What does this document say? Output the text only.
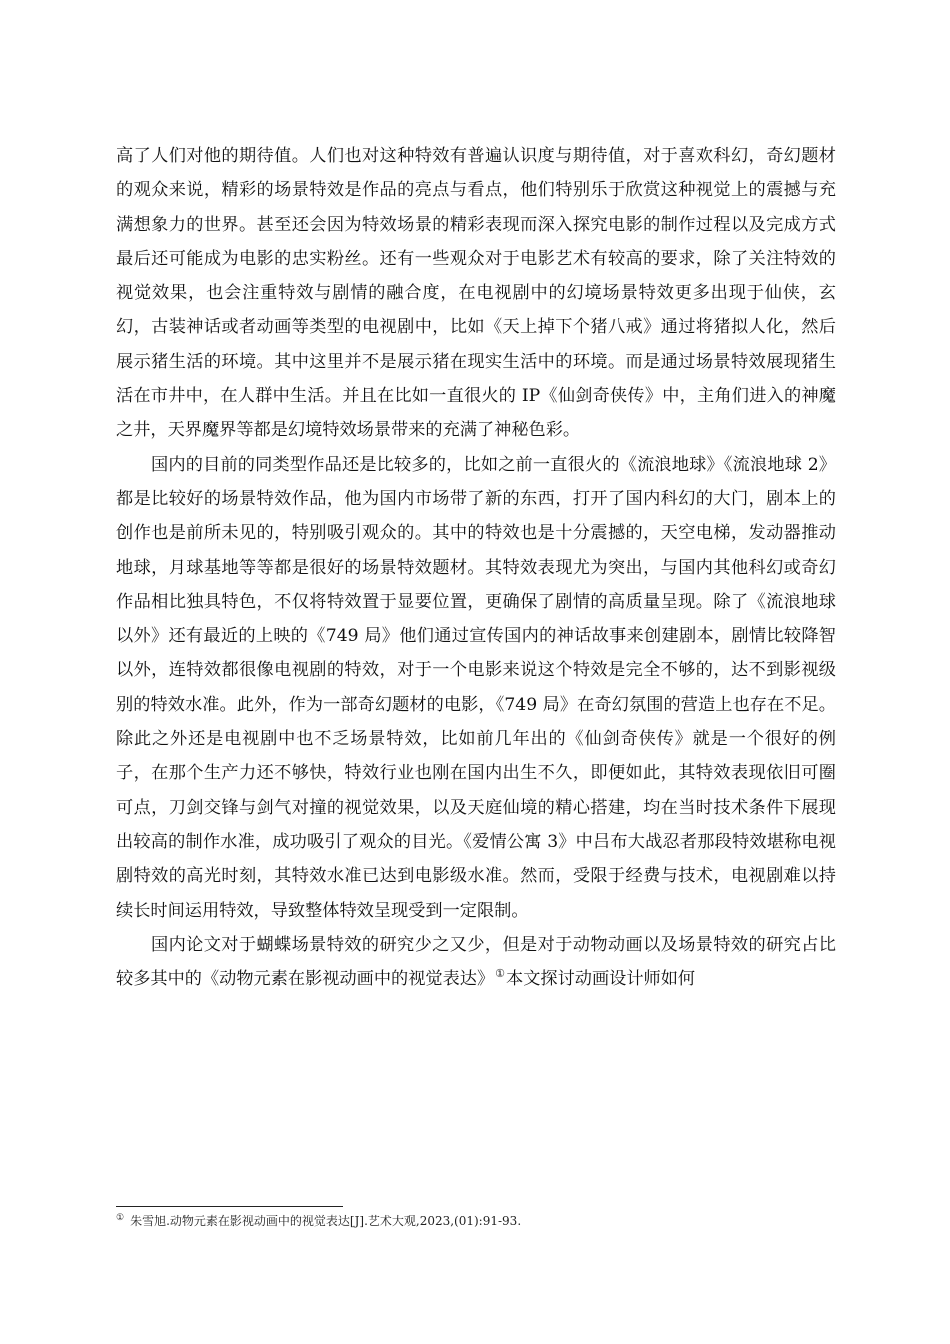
高了人们对他的期待值。人们也对这种特效有普遍认识度与期待值，对于喜欢科幻，奇幻题材的观众来说，精彩的场景特效是作品的亮点与看点，他们特别乐于欣赏这种视觉上的震撼与充满想象力的世界。甚至还会因为特效场景的精彩表现而深入探究电影的制作过程以及完成方式最后还可能成为电影的忠实粉丝。还有一些观众对于电影艺术有较高的要求，除了关注特效的视觉效果，也会注重特效与剧情的融合度，在电视剧中的幻境场景特效更多出现于仙侠，玄幻，古装神话或者动画等类型的电视剧中，比如《天上掉下个猪八戒》通过将猪拟人化，然后展示猪生活的环境。其中这里并不是展示猪在现实生活中的环境。而是通过场景特效展现猪生活在市井中，在人群中生活。并且在比如一直很火的 IP《仙剑奇侠传》中，主角们进入的神魔之井，天界魔界等都是幻境特效场景带来的充满了神秘色彩。

国内的目前的同类型作品还是比较多的，比如之前一直很火的《流浪地球》《流浪地球 2》都是比较好的场景特效作品，他为国内市场带了新的东西，打开了国内科幻的大门，剧本上的创作也是前所未见的，特别吸引观众的。其中的特效也是十分震撼的，天空电梯，发动器推动地球，月球基地等等都是很好的场景特效题材。其特效表现尤为突出，与国内其他科幻或奇幻作品相比独具特色，不仅将特效置于显要位置，更确保了剧情的高质量呈现。除了《流浪地球以外》还有最近的上映的《749 局》他们通过宣传国内的神话故事来创建剧本，剧情比较降智以外，连特效都很像电视剧的特效，对于一个电影来说这个特效是完全不够的，达不到影视级别的特效水准。此外，作为一部奇幻题材的电影，《749 局》在奇幻氛围的营造上也存在不足。除此之外还是电视剧中也不乏场景特效，比如前几年出的《仙剑奇侠传》就是一个很好的例子，在那个生产力还不够快，特效行业也刚在国内出生不久，即便如此，其特效表现依旧可圈可点，刀剑交锋与剑气对撞的视觉效果，以及天庭仙境的精心搭建，均在当时技术条件下展现出较高的制作水准，成功吸引了观众的目光。《爱情公寓 3》中吕布大战忍者那段特效堪称电视剧特效的高光时刻，其特效水准已达到电影级水准。然而，受限于经费与技术，电视剧难以持续长时间运用特效，导致整体特效呈现受到一定限制。

国内论文对于蝴蝶场景特效的研究少之又少，但是对于动物动画以及场景特效的研究占比较多其中的《动物元素在影视动画中的视觉表达》①本文探讨动画设计师如何

① 朱雪旭.动物元素在影视动画中的视觉表达[J].艺术大观,2023,(01):91-93.
